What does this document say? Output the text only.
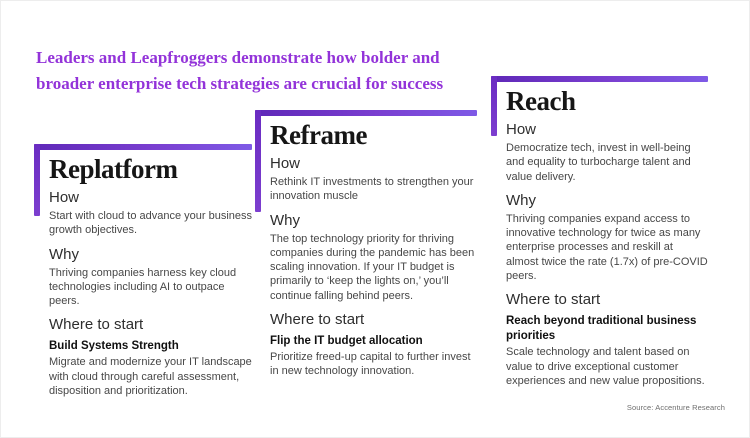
Leaders and Leapfroggers demonstrate how bolder and broader enterprise tech strategies are crucial for success
Replatform
How

Start with cloud to advance your business growth objectives.

Why

Thriving companies harness key cloud technologies including AI to outpace peers.

Where to start

Build Systems Strength

Migrate and modernize your IT landscape with cloud through careful assessment, disposition and prioritization.

Reframe
How

Rethink IT investments to strengthen your innovation muscle

Why

The top technology priority for thriving companies during the pandemic has been scaling innovation. If your IT budget is primarily to ‘keep the lights on,’ you’ll continue falling behind peers.

Where to start

Flip the IT budget allocation

Prioritize freed-up capital to further invest in new technology innovation.

Reach
How

Democratize tech, invest in well-being and equality to turbocharge talent and value delivery.

Why

Thriving companies expand access to innovative technology for twice as many enterprise processes and reskill at almost twice the rate (1.7x) of pre-COVID peers.

Where to start

Reach beyond traditional business priorities

Scale technology and talent based on value to drive exceptional customer experiences and new value propositions.

Source: Accenture Research
